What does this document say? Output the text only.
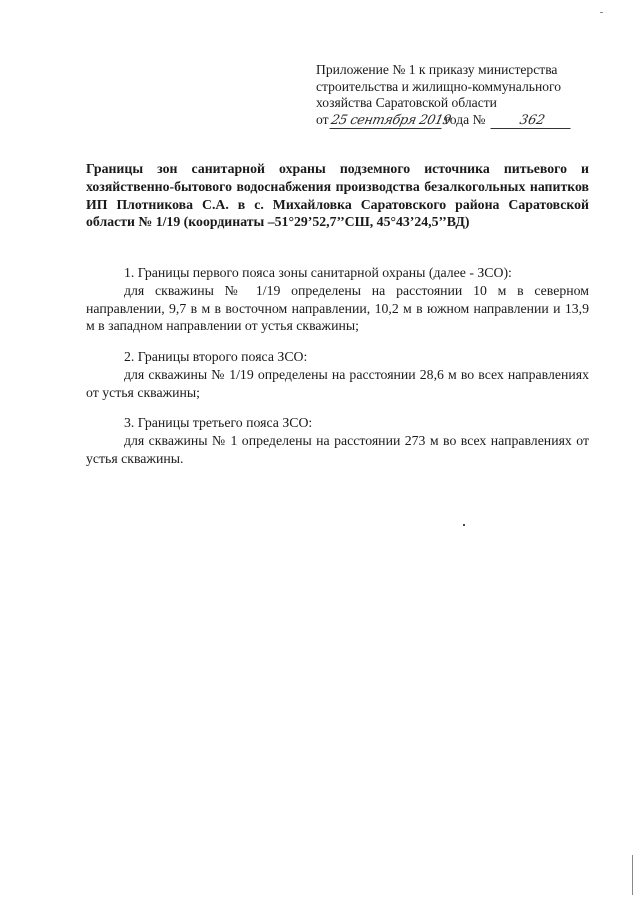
Приложение № 1 к приказу министерства
строительства и жилищно-коммунального
хозяйства Саратовской области
от25 сентября 2019года № 362
Границы зон санитарной охраны подземного источника питьевого и хозяйственно-бытового водоснабжения производства безалкогольных напитков ИП Плотникова С.А. в с. Михайловка Саратовского района Саратовской области № 1/19 (координаты –51°29’52,7’’СШ, 45°43’24,5’’ВД)
1. Границы первого пояса зоны санитарной охраны (далее - ЗСО):
для скважины № 1/19 определены на расстоянии 10 м в северном направлении, 9,7 в м в восточном направлении, 10,2 м в южном направлении и 13,9 м в западном направлении от устья скважины;
2. Границы второго пояса ЗСО:
для скважины № 1/19 определены на расстоянии 28,6 м во всех направлениях от устья скважины;
3. Границы третьего пояса ЗСО:
для скважины № 1 определены на расстоянии 273 м во всех направлениях от устья скважины.
